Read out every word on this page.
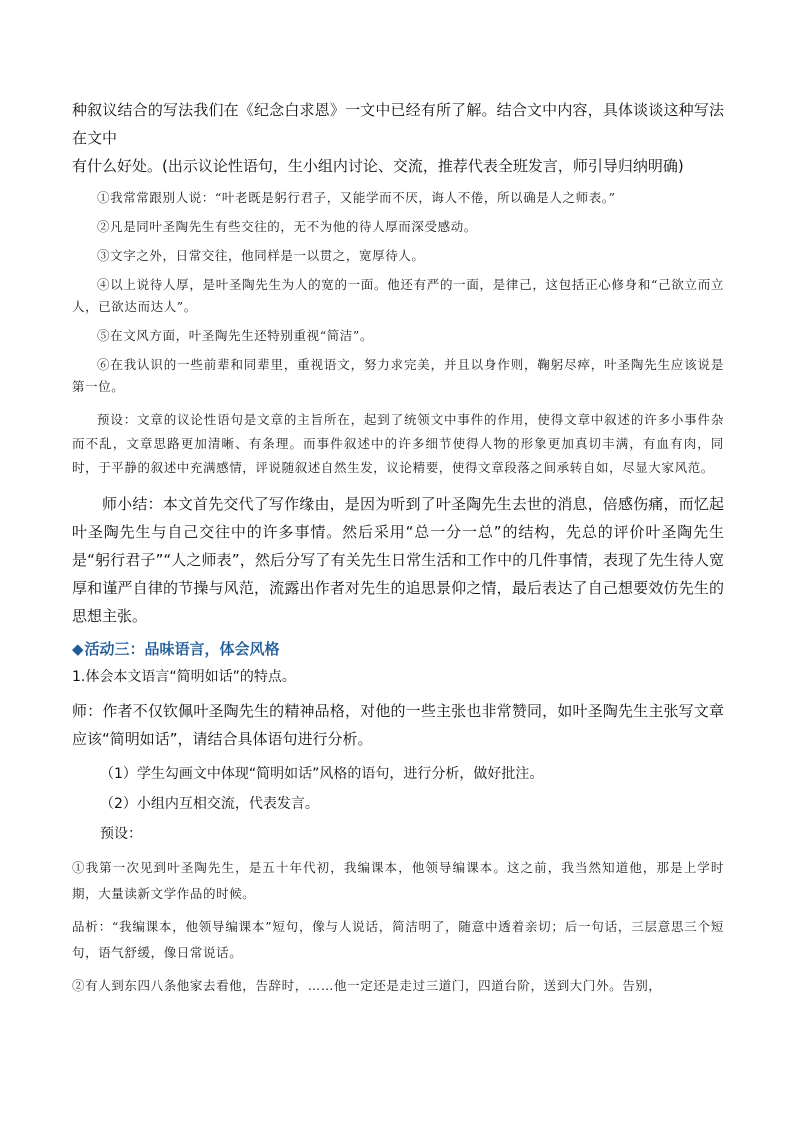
种叙议结合的写法我们在《纪念白求恩》一文中已经有所了解。结合文中内容，具体谈谈这种写法在文中
有什么好处。(出示议论性语句，生小组内讨论、交流，推荐代表全班发言，师引导归纳明确)

①我常常跟别人说：“叶老既是躬行君子，又能学而不厌，诲人不倦，所以确是人之师表。”

②凡是同叶圣陶先生有些交往的，无不为他的待人厚而深受感动。

③文字之外，日常交往，他同样是一以贯之，宽厚待人。

④以上说待人厚，是叶圣陶先生为人的宽的一面。他还有严的一面，是律己，这包括正心修身和“己欲立而立人，已欲达而达人”。

⑤在文风方面，叶圣陶先生还特别重视“简洁”。

⑥在我认识的一些前辈和同辈里，重视语文，努力求完美，并且以身作则，鞠躬尽瘁，叶圣陶先生应该说是第一位。

预设：文章的议论性语句是文章的主旨所在，起到了统领文中事件的作用，使得文章中叙述的许多小事件杂而不乱，文章思路更加清晰、有条理。而事件叙述中的许多细节使得人物的形象更加真切丰满，有血有肉，同时，于平静的叙述中充满感情，评说随叙述自然生发，议论精要，使得文章段落之间承转自如，尽显大家风范。

师小结：本文首先交代了写作缘由，是因为听到了叶圣陶先生去世的消息，倍感伤痛，而忆起叶圣陶先生与自己交往中的许多事情。然后采用“总一分一总”的结构，先总的评价叶圣陶先生是“躬行君子”“人之师表”，然后分写了有关先生日常生活和工作中的几件事情，表现了先生待人宽厚和谨严自律的节操与风范，流露出作者对先生的追思景仰之情，最后表达了自己想要效仿先生的思想主张。

◆活动三：品味语言，体会风格

1.体会本文语言“简明如话”的特点。

师：作者不仅钦佩叶圣陶先生的精神品格，对他的一些主张也非常赞同，如叶圣陶先生主张写文章应该“简明如话”，请结合具体语句进行分析。

（1）学生勾画文中体现“简明如话”风格的语句，进行分析，做好批注。

（2）小组内互相交流，代表发言。

预设：

①我第一次见到叶圣陶先生，是五十年代初，我编课本，他领导编课本。这之前，我当然知道他，那是上学时期，大量读新文学作品的时候。

品析：“我编课本，他领导编课本”短句，像与人说话，简洁明了，随意中透着亲切；后一句话，三层意思三个短句，语气舒缓，像日常说话。

②有人到东四八条他家去看他，告辞时，……他一定还是走过三道门，四道台阶，送到大门外。告别，
